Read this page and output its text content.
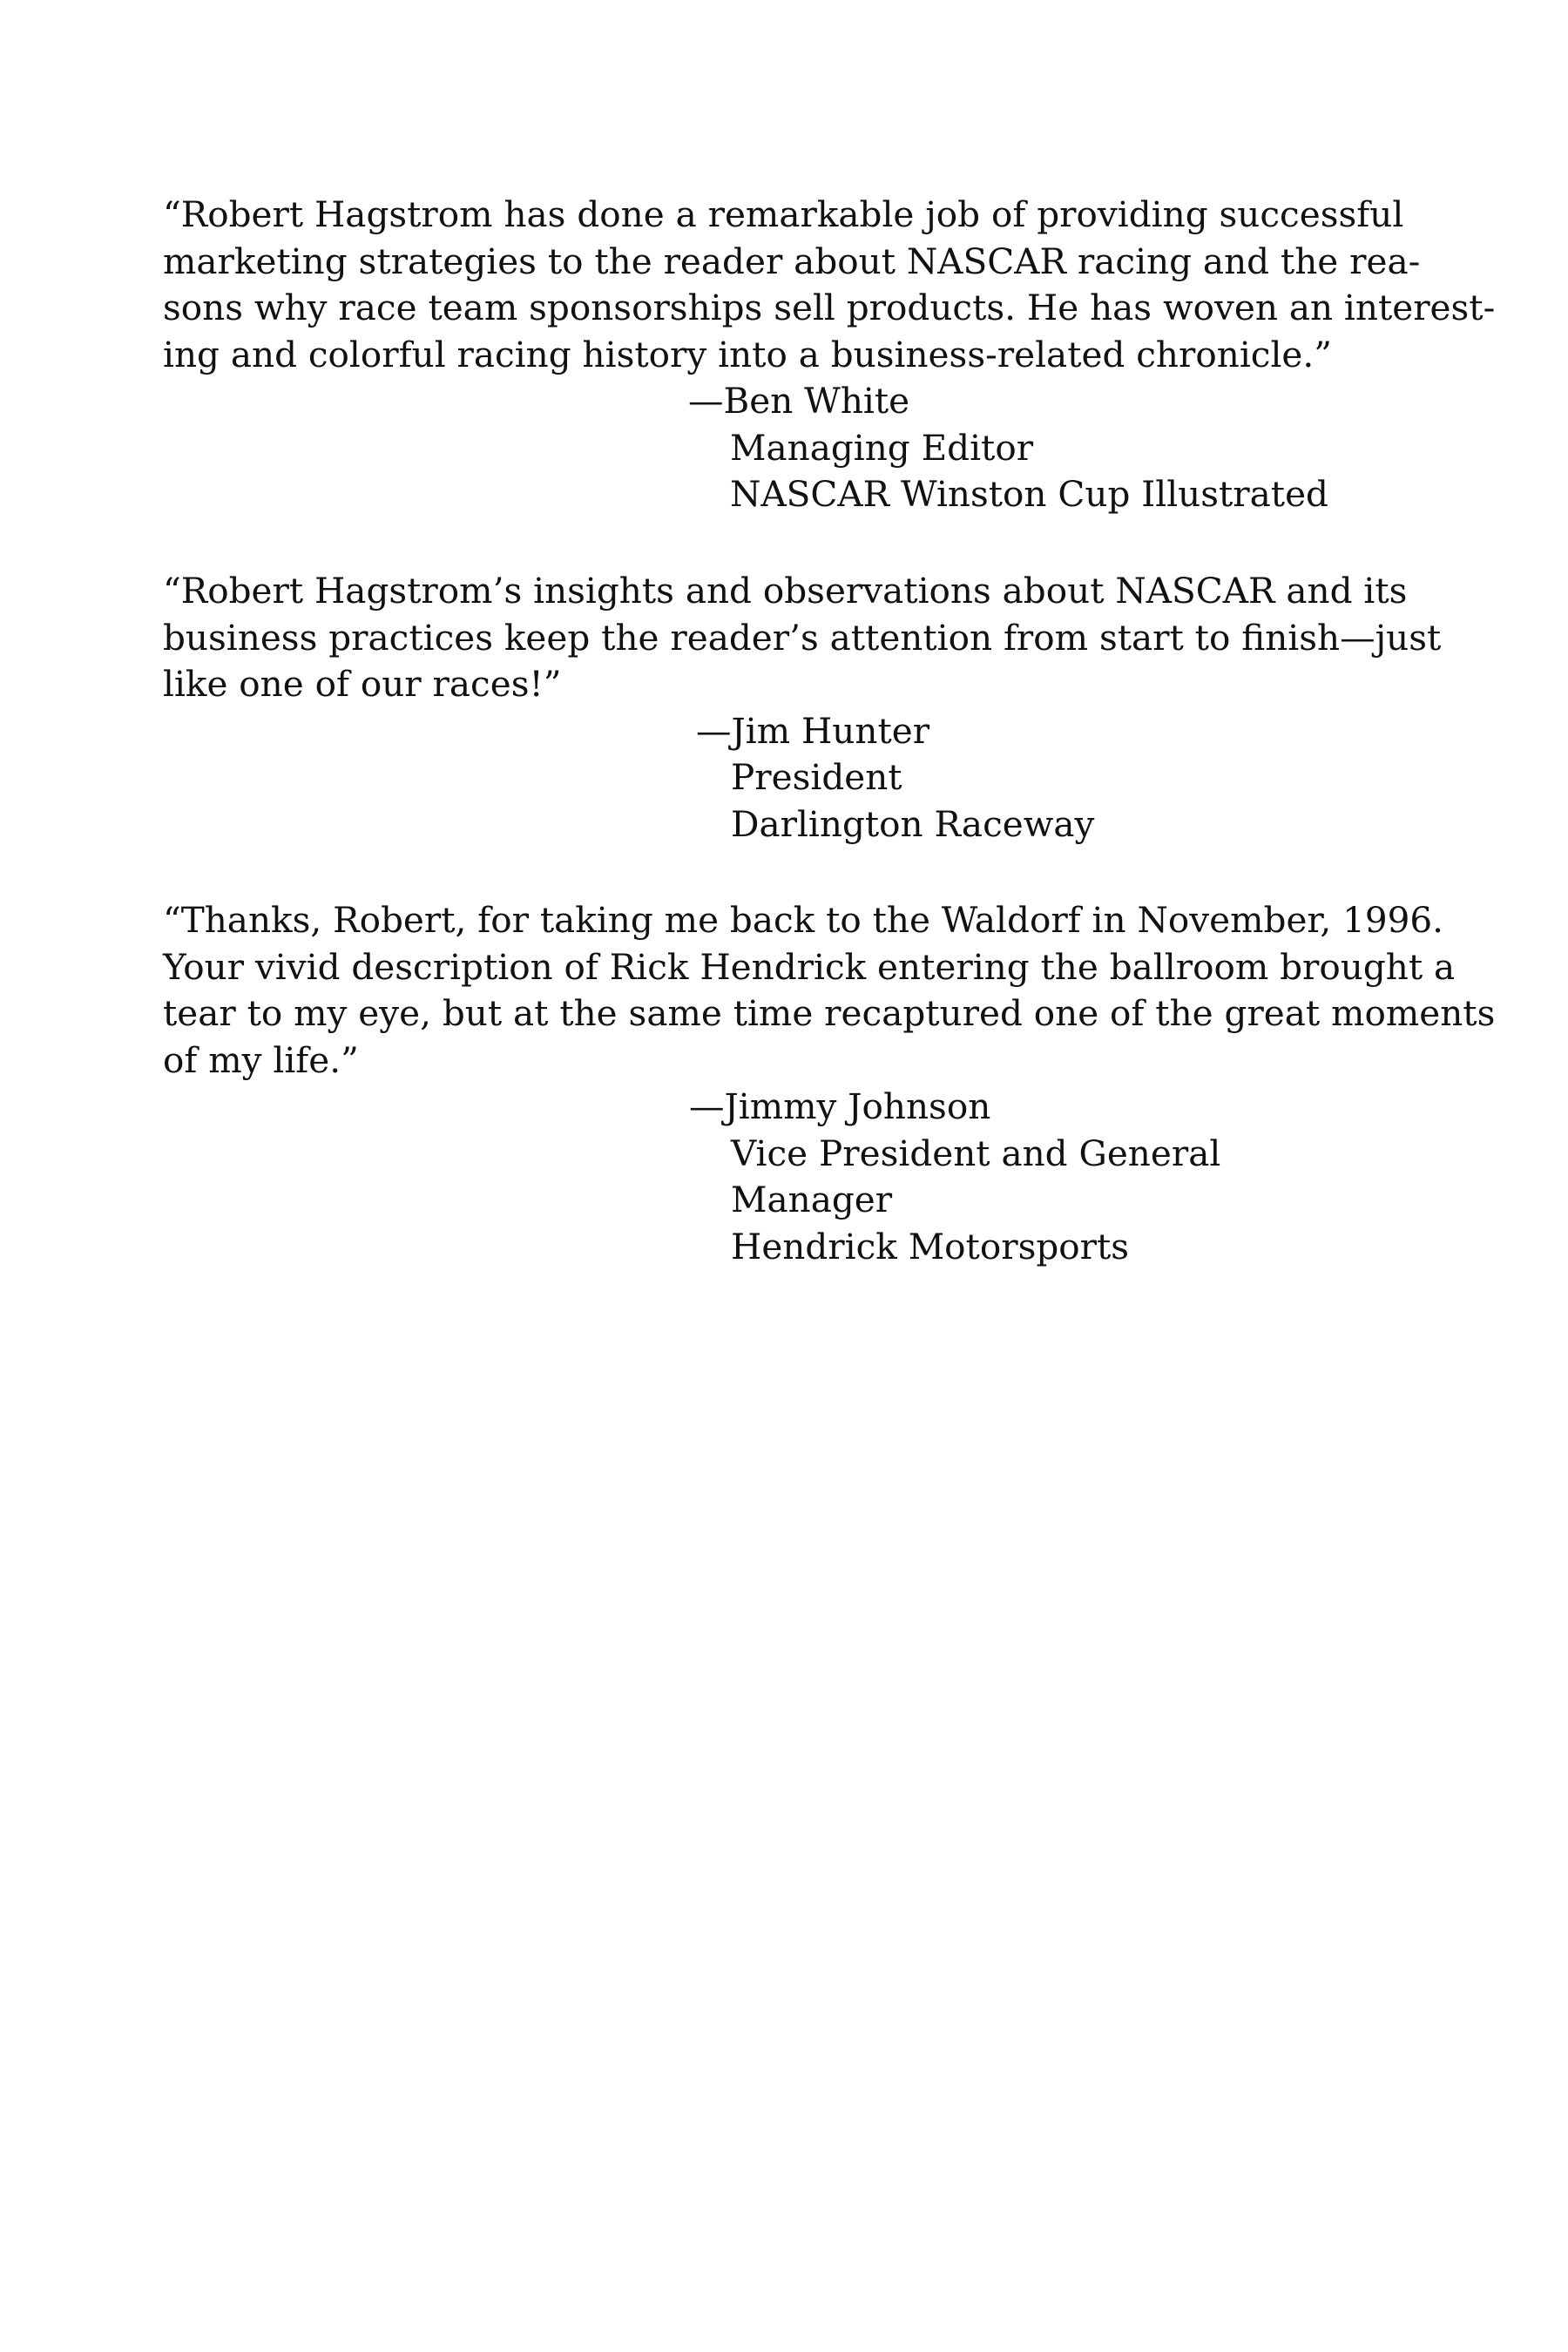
“Robert Hagstrom has done a remarkable job of providing successful
marketing strategies to the reader about NASCAR racing and the rea-
sons why race team sponsorships sell products. He has woven an interest-
ing and colorful racing history into a business-related chronicle.”

—Ben White
Managing Editor
NASCAR Winston Cup Illustrated

“Robert Hagstrom’s insights and observations about NASCAR and its
business practices keep the reader’s attention from start to finish—just
like one of our races!”

—Jim Hunter
President
Darlington Raceway

“Thanks, Robert, for taking me back to the Waldorf in November, 1996.
Your vivid description of Rick Hendrick entering the ballroom brought a
tear to my eye, but at the same time recaptured one of the great moments
of my life.”

—Jimmy Johnson
Vice President and General Manager
Hendrick Motorsports
